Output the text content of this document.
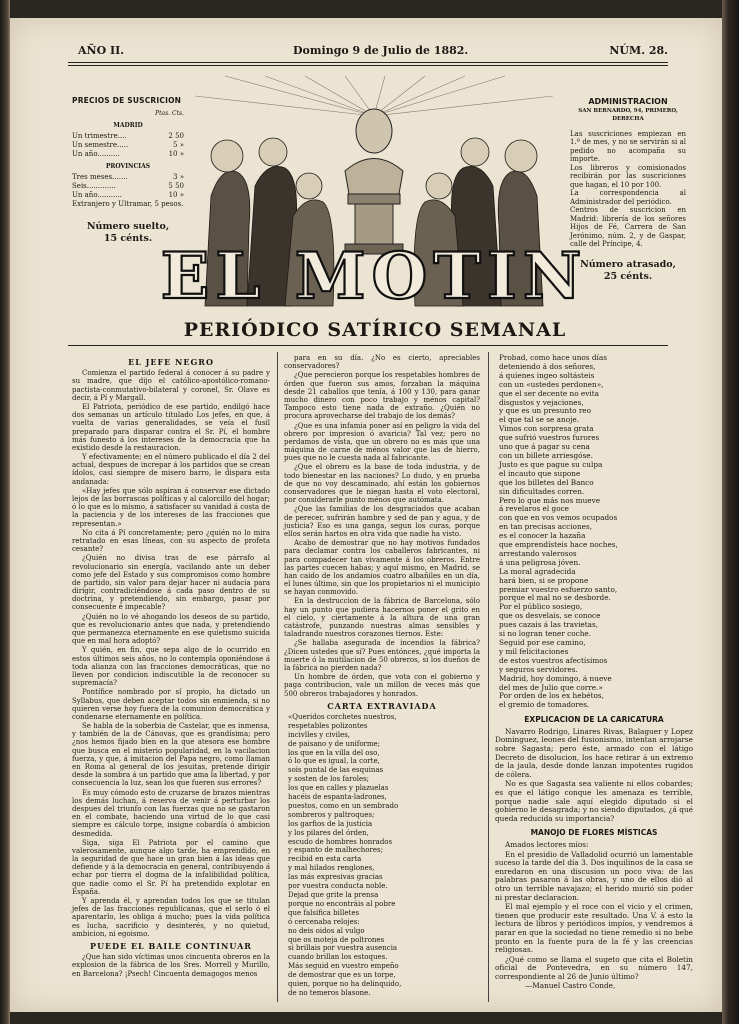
AÑO II.	Domingo 9 de Julio de 1882.	NÚM. 28.
PRECIOS DE SUSCRICION
Ptas. Cts.
MADRID
Un trimestre....	2 50
Un semestre.....	5 »
Un año..........	10 »
PROVINCIAS
Tres meses.......	3 »
Seis.............	5 50
Un año...........	10 »
Extranjero y Ultramar, 5 pesos.
Número suelto,
15 cénts.
EL MOTIN
PERIÓDICO SATÍRICO SEMANAL
ADMINISTRACION
SAN BERNARDO, 94, PRIMERO, DERECHA
Las suscriciones empiezan en 1.º de mes, y no se servirán si al pedido no acompaña su importe.
Los libreros y comisionados recibirán por las suscriciones que hagan, el 10 por 100.
La correspondencia al Administrador del periódico.
Centros de suscricion en Madrid: librería de los señores Hijos de Fé, Carrera de San Jerónimo, núm. 2, y de Gaspar, calle del Príncipe, 4.
Número atrasado,
25 cénts.

EL JEFE NEGRO

Comienza el partido federal á conocer á su padre y su madre, que dijo el católico-apostólico-romano-pactista-conmutativo-bilateral y coronel, Sr. Olave es decir, á Pí y Margall.

El Patriota, periódico de ese partido, endilgó hace dos semanas un artículo titulado Los jefes, en que, á vuelta de varias generalidades, se veía el fusil preparado para disparar contra el Sr. Pí, el hombre más funesto á los intereses de la democracia que ha existido desde la restauracion.

Y efectivamente; en el número publicado el día 2 del actual, despues de increpar á los partidos que se crean ídolos, casi siempre de misero barro, le dispara esta andanada:

«Hay jefes que sólo aspiran á conservar ese dictado lejos de las borrascas políticas y al calorcillo del hogar; ó lo que es lo mismo, á satisfacer su vanidad á costa de la paciencia y de los intereses de las fracciones que representan.»

No cita á Pí concretamente; pero ¿quién no lo mira retratado en esas líneas, con su aspecto de profeta cesante?

¿Quién no divisa tras de ese párrafo al revolucionario sin energía, vacilando ante un deber como jefe del Estado y sus compromisos como hombre de partido, sin valor para dejar hacer ni audacia para dirigir, contradiciéndose á cada paso dentro de su doctrina, y pretendiendo, sin embargo, pasar por consecuente é impecable?

¿Quién no lo vé ahogando los deseos de su partido, que es revolucionario antes que nada, y pretendiendo que permanezca eternamente en ese quietismo suicida que en mal hora adoptó?

Y quién, en fin, que sepa algo de lo ocurrido en estos últimos seis años, no lo contempla oponiéndose á toda alianza con las fracciones democráticas, que no lleven por condicion indiscutible la de reconocer su supremacía?

Pontífice nombrado por sí propio, ha dictado un Syllabus, que deben aceptar todos sin enmienda, si no quieren verse hoy fuera de la comunion democrática y condenarse eternamente en política.

Se habla de la soberbia de Castelar, que es inmensa, y también de la de Cánovas, que es grandísima; pero ¿nos hemos fijado bien en la que atesora ese hombre que busca en el misterio popularidad, en la vacilacion fuerza, y que, á imitacion del Papa negro, como llaman en Roma al general de los jesuitas, pretende dirigir desde la sombra á un partido que ama la libertad, y por consecuencia la luz, sean los que fueren sus errores?

Es muy cómodo esto de cruzarse de brazos mientras los demás luchan, á reserva de venir á perturbar los despues del triunfo con las fuerzas que no se gastaron en el combate, haciendo una virtud de lo que casi siempre es cálculo torpe, insigne cobardía ó ambicion desmedida.

Siga, siga El Patriota por el camino que valerosamente, aunque algo tarde, ha emprendido, en la seguridad de que hace un gran bien á las ideas que defiende y á la democracia en general, contribuyendo á echar por tierra el dogma de la infalibilidad política, que nadie como el Sr. Pí ha pretendido explotar en España.

Y aprenda él, y aprendan todos los que se titulan jefes de las fracciones republicanas, que el serlo ó el aparentarlo, les obliga á mucho; pues la vida política es lucha, sacrificio y desinterés, y no quietud, ambicion, ni egoismo.

PUEDE EL BAILE CONTINUAR

¿Que han sido víctimas unos cincuenta obreros en la explosion de la fábrica de los Sres. Morrell y Murillo, en Barcelona? ¡Psech! Cincuenta demagogos menos

para en su día. ¿No es cierto, apreciables conservadores?

¿Que perecieron porque los respetables hombres de órden que fueron sus amos, forzaban la máquina desde 21 caballos que tenía, á 100 y 130, para ganar mucho dinero con poco trabajo y ménos capital? Tampoco esto tiene nada de extraño. ¿Quién no procura aprovecharse del trabajo de los demás?

¿Que es una infamia poner así en peligro la vida del obrero por impresion ó avaricia? Tal vez; pero no perdamos de vista, que un obrero no es más que una máquina de carne de ménos valor que las de hierro, pues que no le cuesta nada al fabricante.

¿Que el obrero es la base de toda industria, y de todo bienestar en las naciones? Lo dudo, y en prueba de que no voy descaminado, ahí están los gobiernos conservadores que le niegan hasta el voto electoral, por considerarle punto ménos que autómata.

¿Que las familias de los desgraciados que acaban de perecer, sufrirán hambre y sed de pan y agua, y de justicia? Eso es una ganga, segun los curas, porque ellos serán hartos en otra vida que nadie ha visto.

Acabo de demostrar que no hay motivos fundados para declamar contra los caballeros fabricantes, ni para compadecer tan vivamente á los obreros. Entre las partes cuecen habas; y aquí mismo, en Madrid, se han caido de los andamios cuatro albañiles en un día, el lunes último, sin que los propietarios ni el municipio se hayan conmovido.

En la destruccion de la fábrica de Barcelona, sólo hay un punto que pudiera hacernos poner el grito en el cielo, y ciertamente á la altura de una gran catástrofe, punzando nuestras almas sensibles y taladrando nuestros corazones tiernos. Este:

¿Se hallaba asegurada de incendios la fábrica? ¿Dicen ustedes que sí? Pues entónces, ¿qué importa la muerte ó la mutilacion de 50 obreros, si los dueños de la fábrica no pierden nada?

Un hombre de órden, que vota con el gobierno y paga contribucion, vale un millon de veces más que 500 obreros trabajadores y honrados.

CARTA EXTRAVIADA

«Queridos corchetes nuestros,
respetables polizontes
incivlles y civiles,
de paisano y de uniforme;
los que en la villa del oso,
ó lo que es igual, la corte,
sois puntal de las esquinas
y sosten de los faroles;
los que en calles y plazuelas
hacéis de espanta-ladrones,
puestos, como en un sembrado
sombreros y paltroques;
los garfios de la justicia
y los pilares del órden,
escudo de hombres honrados
y espanto de malhechores;
recibid en esta carta
y mal hilados renglones,
las más expresivas gracias
por vuestra conducta noble.
Dejad que grite la prensa
porque no encontráis al pobre
que falsifica billetes
ó cercenaba relojes:
no deis oidos al vulgo
que os moteja de poltrones
si brillais por vuestra ausencia
cuando brillan los estoques.
Más seguid en vuestro empeño
de demostrar que es un torpe,
quien, porque no ha delinquido,
de no temeros blasone.
Probad, como hace unos días
deteniendo á dos señores,
á quienes ingeo soltásteis
con un «ustedes perdonen»,
que el ser decente no evita
disgustos y vejaciones,
y que es un presunto reo
el que tal se se anoje.
Vimos con sorpresa grata
que sufrió vuestros furores
uno que á pagar su cena
con un billete arriesgóse.
Justo es que pague su culpa
el incauto que supone
que los billetes del Banco
sin dificultades corren.
Pero lo que más nos mueve
á revelaros el goce
con que en vos vemos ocupados
en tan precisas acciones,
es el conocer la hazaña
que emprendísteis hace noches,
arrestando valerosos
á una peligrosa jóven.
La moral agradecida
hará bien, si se propone
premiar vuestro esfuerzo santo,
porque el mal no se desborde.
Por el público sosiego,
que os desvelais, se conoce
pues cazais á las travietas,
si no logran tener coche.
Seguid por ese camino,
y mil felicitaciones
de estos vuestros afectísimos
y seguros servidores.
Madrid, hoy domingo, á nueve
del mes de Julio que corre.»
Por orden de los ex hebétos,
el gremio de tomadores.

EXPLICACION DE LA CARICATURA

Navarro Rodrigo, Linares Rivas, Balaguer y Lopez Dominguez, leones del fusionismo, intentan arrojarse sobre Sagasta; pero éste, armado con el látigo Decreto de disolucion, los hace retirar á un extremo de la jaula, desde donde lanzan impotentes rugidos de cólera.

No es que Sagasta sea valiente ni ellos cobardes; es que el látigo conque les amenaza es terrible, porque nadie sale aquí elegido diputado si el gobierno le desagrada; y no siendo diputados, ¿á qué queda reducida su importancia?

MANOJO DE FLORES MÍSTICAS

Amados lectores míos:

En el presidio de Valladolid ocurrió un lamentable suceso la tarde del día 3. Dos inquilinos de la casa se enredaron en una discusion un poco viva: de las palabras pasaron á las obras, y uno de ellos dió al otro un terrible navajazo; el herido murió sin poder ni prestar declaracion.

El mal ejemplo y el roce con el vicio y el crimen, tienen que producir este resultado. Una V. á esto la lectura de libros y periódicos impíos, y vendremos á parar en que la sociedad no tiene remedio si no bebe pronto en la fuente pura de la fé y las creencias religiosas.

¿Qué como se llama el sugeto que cita el Boletin oficial de Pontevedra, en su número 147, correspondiente al 26 de Junio último?

—Manuel Castro Conde,
